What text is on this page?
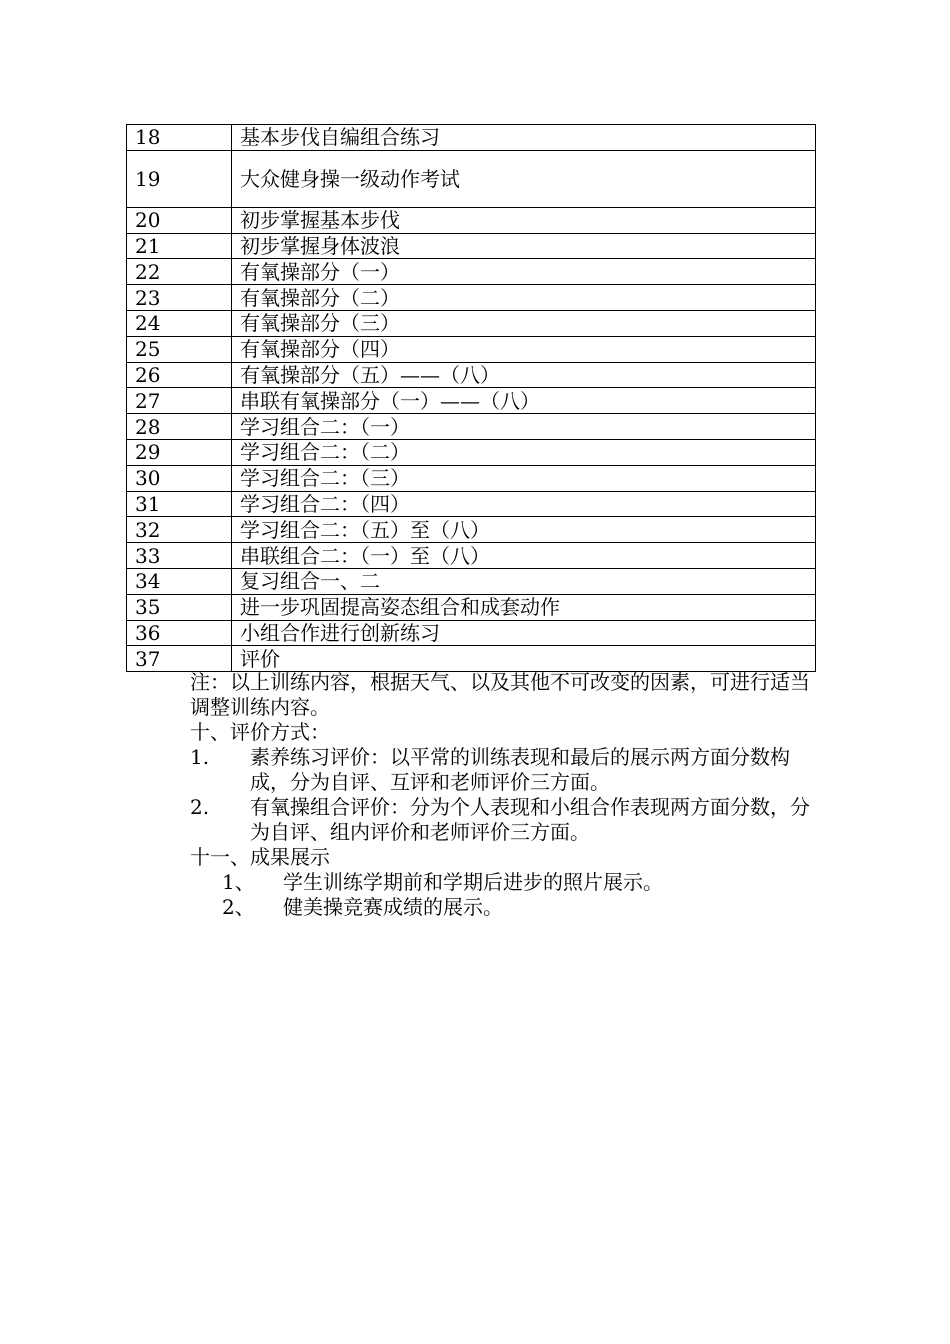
18	基本步伐自编组合练习
19	大众健身操一级动作考试
20	初步掌握基本步伐
21	初步掌握身体波浪
22	有氧操部分（一）
23	有氧操部分（二）
24	有氧操部分（三）
25	有氧操部分（四）
26	有氧操部分（五）——（八）
27	串联有氧操部分（一）——（八）
28	学习组合二：（一）
29	学习组合二：（二）
30	学习组合二：（三）
31	学习组合二：（四）
32	学习组合二：（五）至（八）
33	串联组合二：（一）至（八）
34	复习组合一、二
35	进一步巩固提高姿态组合和成套动作
36	小组合作进行创新练习
37	评价
注：以上训练内容，根据天气、以及其他不可改变的因素，可进行适当调整训练内容。
十、评价方式：
1. 素养练习评价：以平常的训练表现和最后的展示两方面分数构成，分为自评、互评和老师评价三方面。
2. 有氧操组合评价：分为个人表现和小组合作表现两方面分数，分为自评、组内评价和老师评价三方面。
十一、成果展示
1、 学生训练学期前和学期后进步的照片展示。
2、 健美操竞赛成绩的展示。
